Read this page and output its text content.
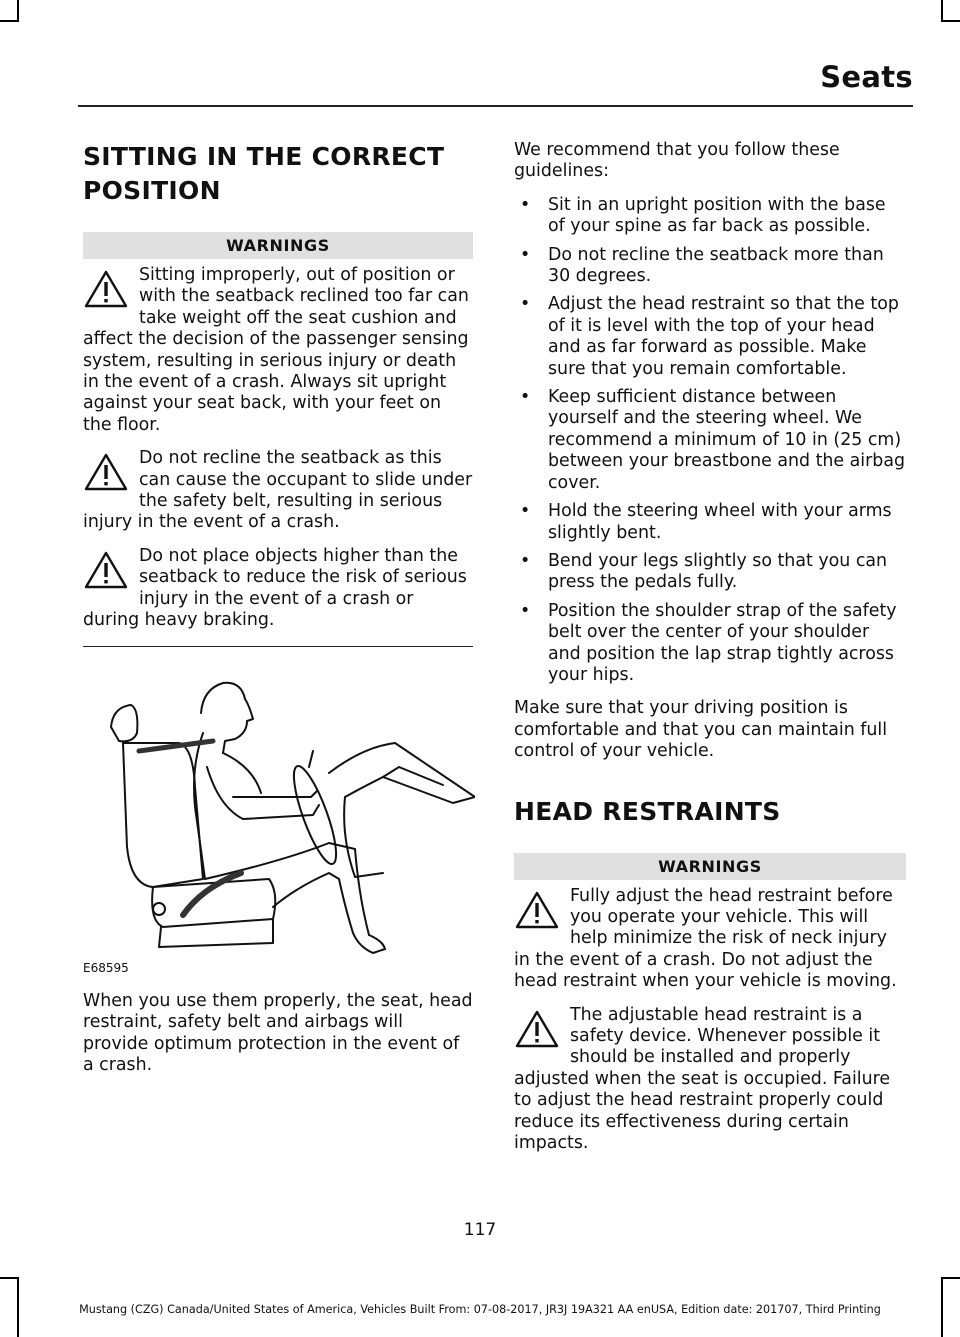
Seats
SITTING IN THE CORRECT POSITION
WARNINGS
Sitting improperly, out of position or with the seatback reclined too far can take weight off the seat cushion and affect the decision of the passenger sensing system, resulting in serious injury or death in the event of a crash. Always sit upright against your seat back, with your feet on the floor.
Do not recline the seatback as this can cause the occupant to slide under the safety belt, resulting in serious injury in the event of a crash.
Do not place objects higher than the seatback to reduce the risk of serious injury in the event of a crash or during heavy braking.
E68595

When you use them properly, the seat, head restraint, safety belt and airbags will provide optimum protection in the event of a crash.

We recommend that you follow these guidelines:

• Sit in an upright position with the base of your spine as far back as possible.
• Do not recline the seatback more than 30 degrees.
• Adjust the head restraint so that the top of it is level with the top of your head and as far forward as possible. Make sure that you remain comfortable.
• Keep sufficient distance between yourself and the steering wheel. We recommend a minimum of 10 in (25 cm) between your breastbone and the airbag cover.
• Hold the steering wheel with your arms slightly bent.
• Bend your legs slightly so that you can press the pedals fully.
• Position the shoulder strap of the safety belt over the center of your shoulder and position the lap strap tightly across your hips.

Make sure that your driving position is comfortable and that you can maintain full control of your vehicle.

HEAD RESTRAINTS
WARNINGS
Fully adjust the head restraint before you operate your vehicle. This will help minimize the risk of neck injury in the event of a crash. Do not adjust the head restraint when your vehicle is moving.
The adjustable head restraint is a safety device. Whenever possible it should be installed and properly adjusted when the seat is occupied. Failure to adjust the head restraint properly could reduce its effectiveness during certain impacts.
117
Mustang (CZG) Canada/United States of America, Vehicles Built From: 07-08-2017, JR3J 19A321 AA enUSA, Edition date: 201707, Third Printing
